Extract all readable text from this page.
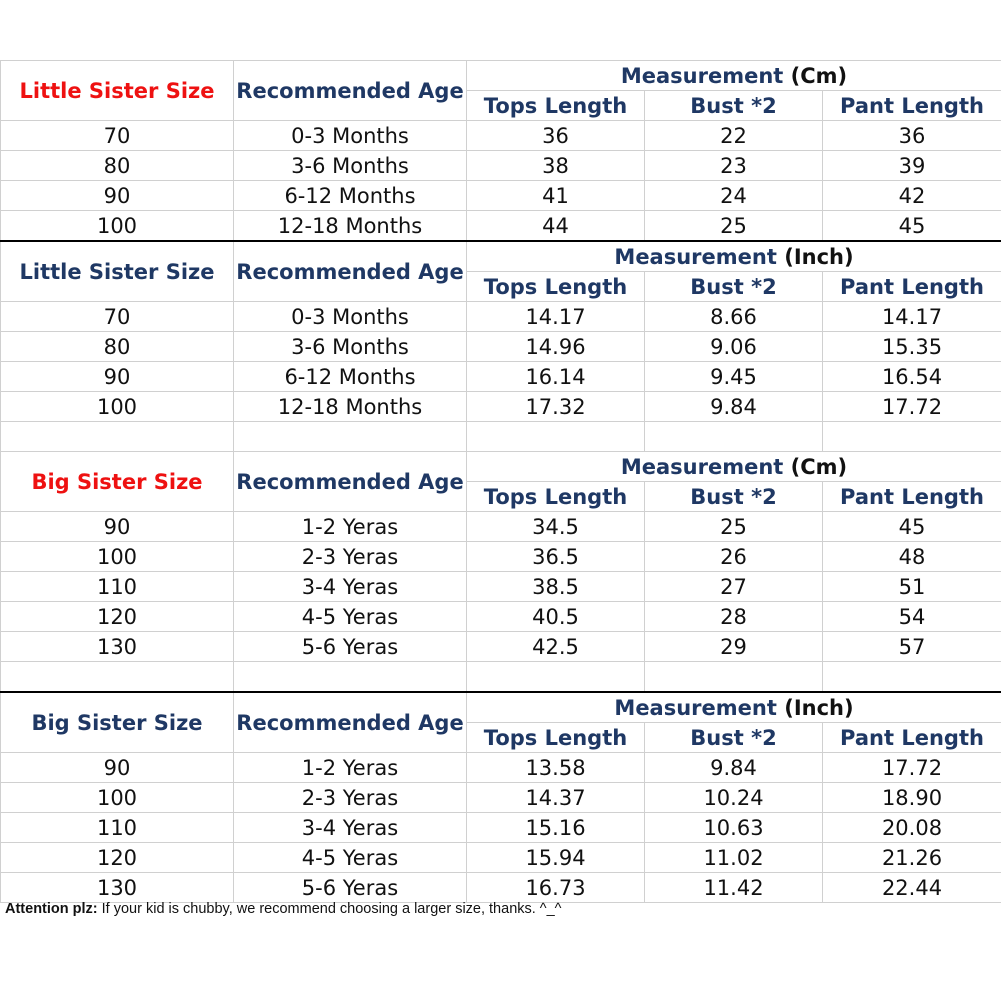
Little Sister Size	Recommended Age	Measurement (Cm)		
		Tops Length	Bust *2	Pant Length
70	0-3 Months	36	22	36
80	3-6 Months	38	23	39
90	6-12 Months	41	24	42
100	12-18 Months	44	25	45
Little Sister Size	Recommended Age	Measurement (Inch)		
		Tops Length	Bust *2	Pant Length
70	0-3 Months	14.17	8.66	14.17
80	3-6 Months	14.96	9.06	15.35
90	6-12 Months	16.14	9.45	16.54
100	12-18 Months	17.32	9.84	17.72

Big Sister Size	Recommended Age	Measurement (Cm)		
		Tops Length	Bust *2	Pant Length
90	1-2 Yeras	34.5	25	45
100	2-3 Yeras	36.5	26	48
110	3-4 Yeras	38.5	27	51
120	4-5 Yeras	40.5	28	54
130	5-6 Yeras	42.5	29	57

Big Sister Size	Recommended Age	Measurement (Inch)		
		Tops Length	Bust *2	Pant Length
90	1-2 Yeras	13.58	9.84	17.72
100	2-3 Yeras	14.37	10.24	18.90
110	3-4 Yeras	15.16	10.63	20.08
120	4-5 Yeras	15.94	11.02	21.26
130	5-6 Yeras	16.73	11.42	22.44
Attention plz: If your kid is chubby, we recommend choosing a larger size, thanks. ^_^
